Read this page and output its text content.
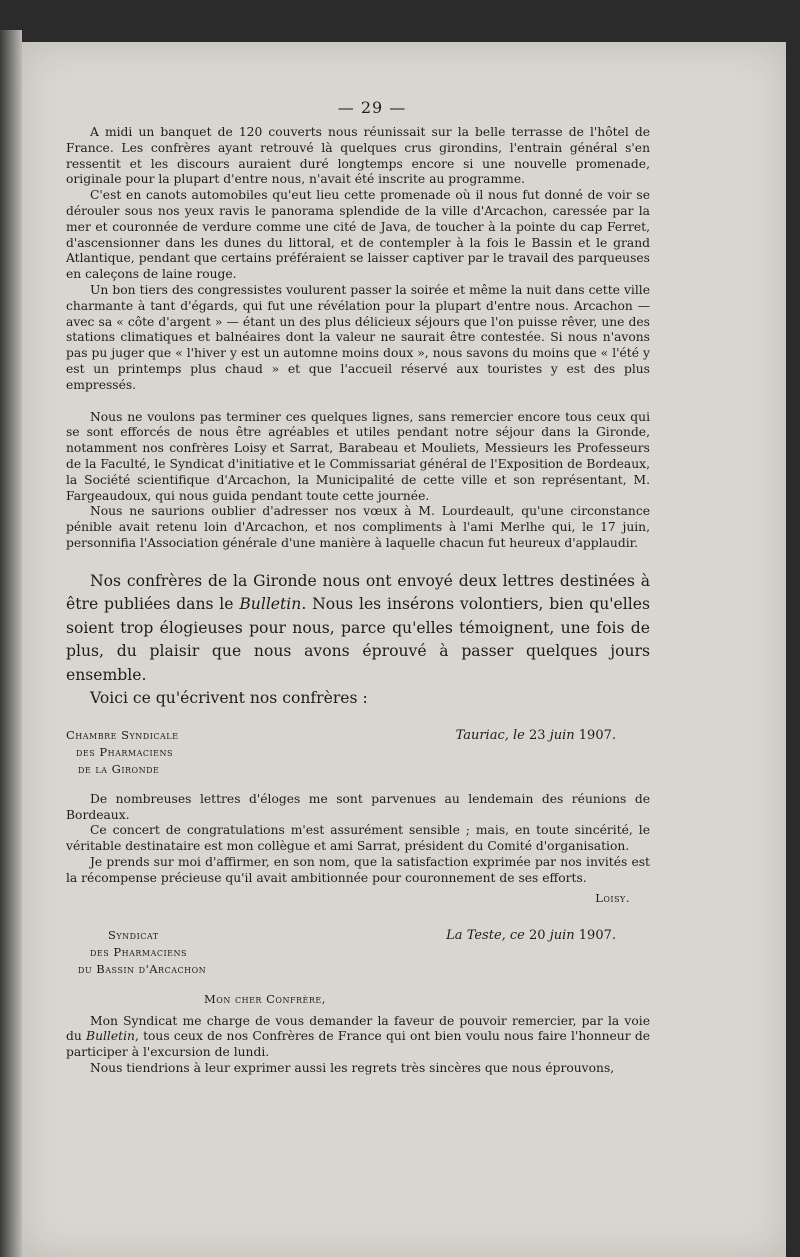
— 29 —

A midi un banquet de 120 couverts nous réunissait sur la belle terrasse de l'hôtel de France. Les confrères ayant retrouvé là quelques crus girondins, l'entrain général s'en ressentit et les discours auraient duré longtemps encore si une nouvelle promenade, originale pour la plupart d'entre nous, n'avait été inscrite au programme.

C'est en canots automobiles qu'eut lieu cette promenade où il nous fut donné de voir se dérouler sous nos yeux ravis le panorama splendide de la ville d'Arcachon, caressée par la mer et couronnée de verdure comme une cité de Java, de toucher à la pointe du cap Ferret, d'ascensionner dans les dunes du littoral, et de contempler à la fois le Bassin et le grand Atlantique, pendant que certains préféraient se laisser captiver par le travail des parqueuses en caleçons de laine rouge.

Un bon tiers des congressistes voulurent passer la soirée et même la nuit dans cette ville charmante à tant d'égards, qui fut une révélation pour la plupart d'entre nous. Arcachon — avec sa « côte d'argent » — étant un des plus délicieux séjours que l'on puisse rêver, une des stations climatiques et balnéaires dont la valeur ne saurait être contestée. Si nous n'avons pas pu juger que « l'hiver y est un automne moins doux », nous savons du moins que « l'été y est un printemps plus chaud » et que l'accueil réservé aux touristes y est des plus empressés.

Nous ne voulons pas terminer ces quelques lignes, sans remercier encore tous ceux qui se sont efforcés de nous être agréables et utiles pendant notre séjour dans la Gironde, notamment nos confrères Loisy et Sarrat, Barabeau et Mouliets, Messieurs les Professeurs de la Faculté, le Syndicat d'initiative et le Commissariat général de l'Exposition de Bordeaux, la Société scientifique d'Arcachon, la Municipalité de cette ville et son représentant, M. Fargeaudoux, qui nous guida pendant toute cette journée.

Nous ne saurions oublier d'adresser nos vœux à M. Lourdeault, qu'une circonstance pénible avait retenu loin d'Arcachon, et nos compliments à l'ami Merlhe qui, le 17 juin, personnifia l'Association générale d'une manière à laquelle chacun fut heureux d'applaudir.

Nos confrères de la Gironde nous ont envoyé deux lettres destinées à être publiées dans le Bulletin. Nous les insérons volontiers, bien qu'elles soient trop élogieuses pour nous, parce qu'elles témoignent, une fois de plus, du plaisir que nous avons éprouvé à passer quelques jours ensemble.

Voici ce qu'écrivent nos confrères :

Chambre Syndicale
des Pharmaciens
de la Gironde
Tauriac, le 23 juin 1907.

De nombreuses lettres d'éloges me sont parvenues au lendemain des réunions de Bordeaux.

Ce concert de congratulations m'est assurément sensible ; mais, en toute sincérité, le véritable destinataire est mon collègue et ami Sarrat, président du Comité d'organisation.

Je prends sur moi d'affirmer, en son nom, que la satisfaction exprimée par nos invités est la récompense précieuse qu'il avait ambitionnée pour couronnement de ses efforts.

Loisy.
Syndicat
des Pharmaciens
du Bassin d'Arcachon
La Teste, ce 20 juin 1907.
Mon cher Confrère,

Mon Syndicat me charge de vous demander la faveur de pouvoir remercier, par la voie du Bulletin, tous ceux de nos Confrères de France qui ont bien voulu nous faire l'honneur de participer à l'excursion de lundi.

Nous tiendrions à leur exprimer aussi les regrets très sincères que nous éprouvons,
